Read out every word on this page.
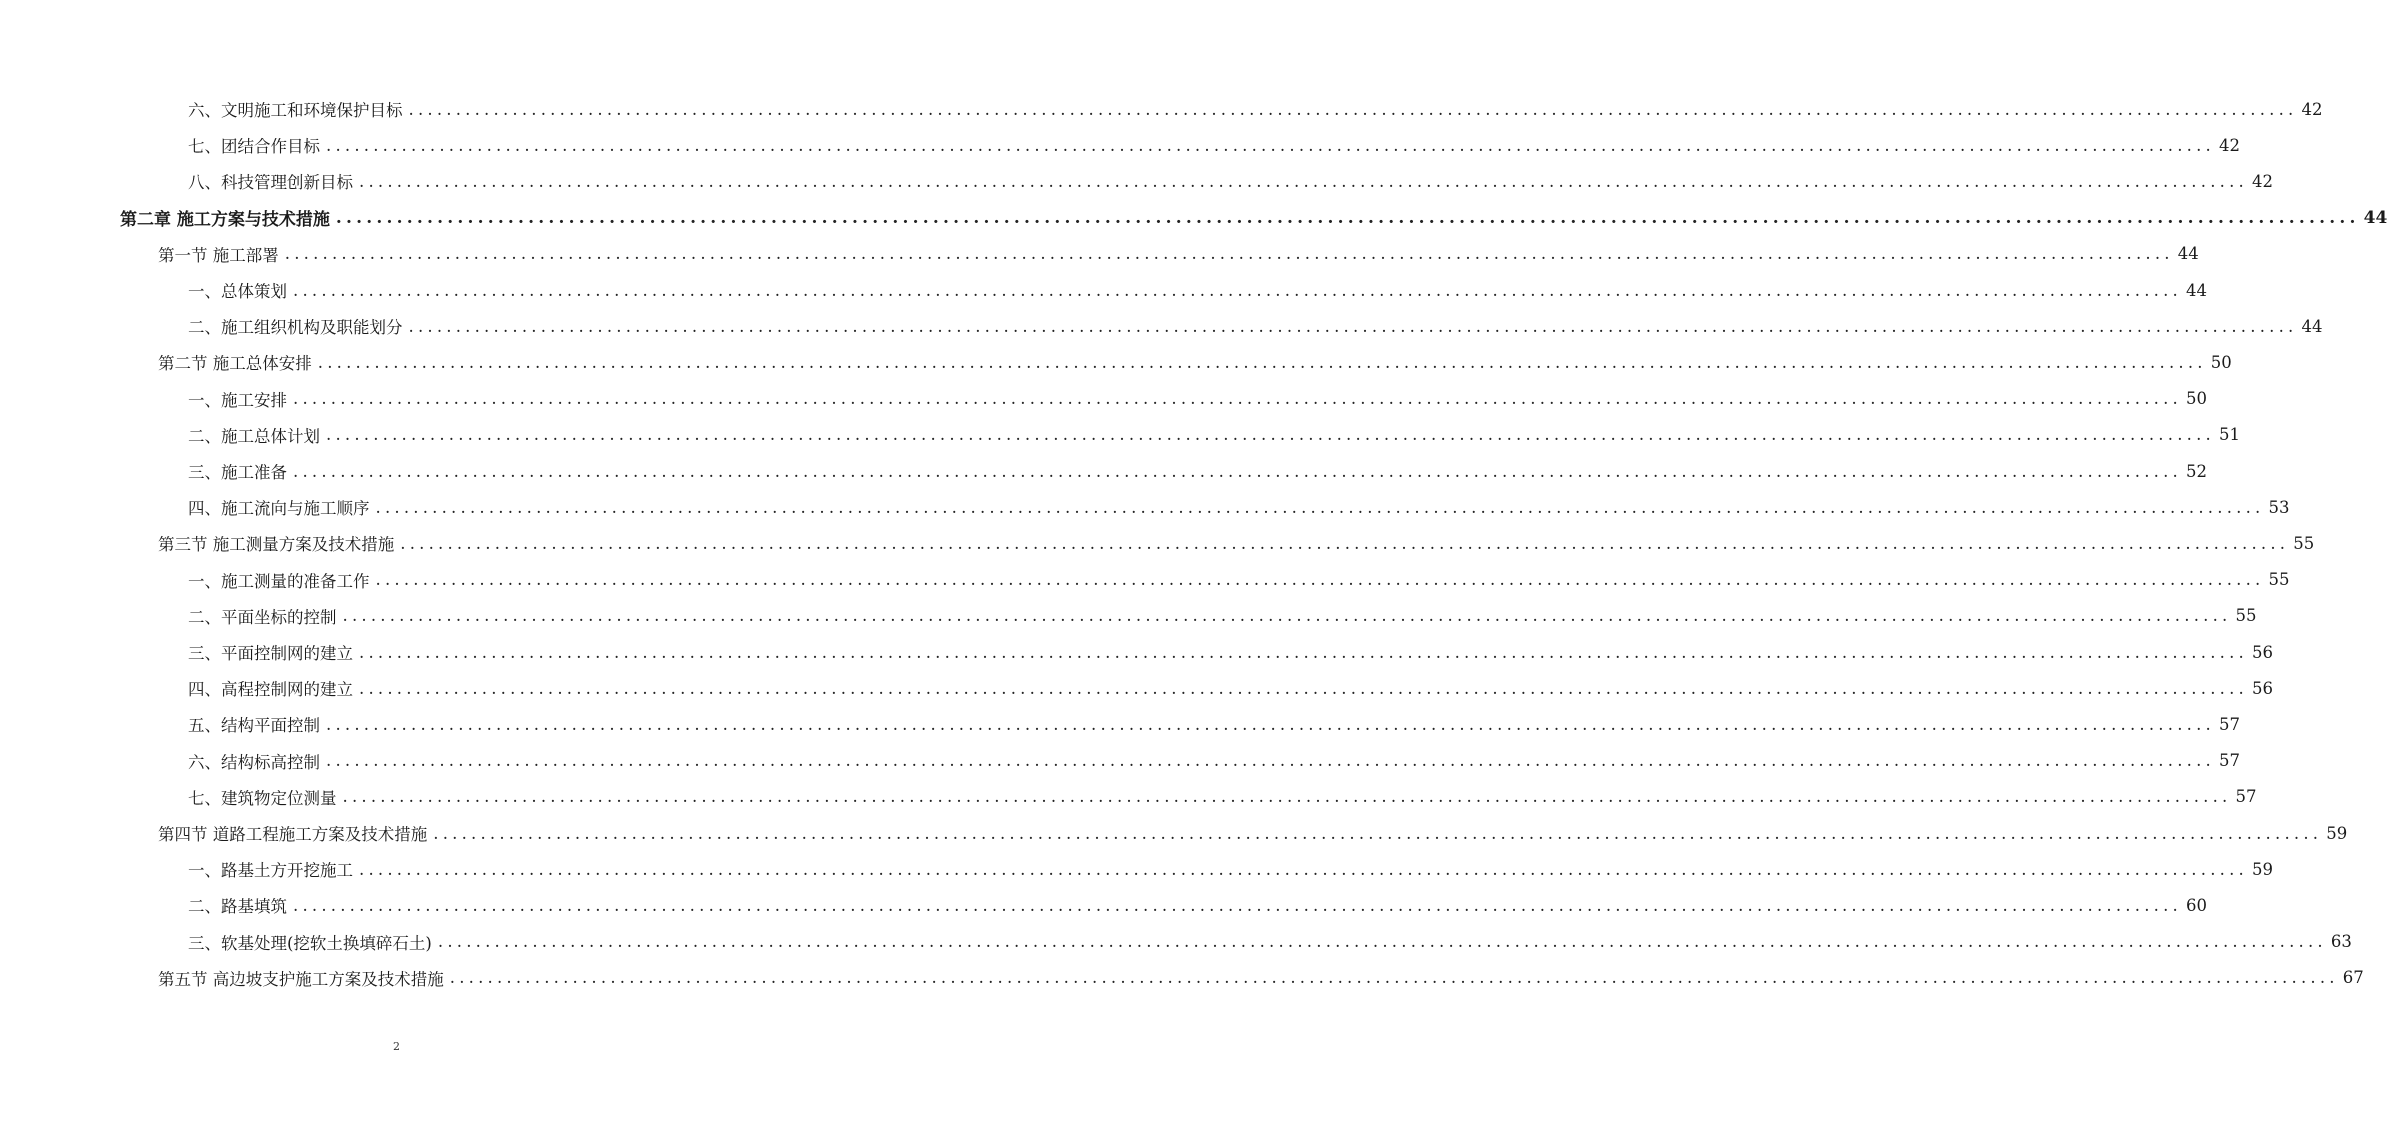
六、文明施工和环境保护目标 ........................................................................................................................................................................................................ 42
七、团结合作目标 ........................................................................................................................................................................................................ 42
八、科技管理创新目标 ........................................................................................................................................................................................................ 42
第二章 施工方案与技术措施 ........................................................................................................................................................................................................ 44
第一节 施工部署 ........................................................................................................................................................................................................ 44
一、总体策划 ........................................................................................................................................................................................................ 44
二、施工组织机构及职能划分 ........................................................................................................................................................................................................ 44
第二节 施工总体安排 ........................................................................................................................................................................................................ 50
一、施工安排 ........................................................................................................................................................................................................ 50
二、施工总体计划 ........................................................................................................................................................................................................ 51
三、施工准备 ........................................................................................................................................................................................................ 52
四、施工流向与施工顺序 ........................................................................................................................................................................................................ 53
第三节 施工测量方案及技术措施 ........................................................................................................................................................................................................ 55
一、施工测量的准备工作 ........................................................................................................................................................................................................ 55
二、平面坐标的控制 ........................................................................................................................................................................................................ 55
三、平面控制网的建立 ........................................................................................................................................................................................................ 56
四、高程控制网的建立 ........................................................................................................................................................................................................ 56
五、结构平面控制 ........................................................................................................................................................................................................ 57
六、结构标高控制 ........................................................................................................................................................................................................ 57
七、建筑物定位测量 ........................................................................................................................................................................................................ 57
第四节 道路工程施工方案及技术措施 ........................................................................................................................................................................................................ 59
一、路基土方开挖施工 ........................................................................................................................................................................................................ 59
二、路基填筑 ........................................................................................................................................................................................................ 60
三、软基处理(挖软土换填碎石土) ........................................................................................................................................................................................................ 63
第五节 高边坡支护施工方案及技术措施 ........................................................................................................................................................................................................ 67
2
